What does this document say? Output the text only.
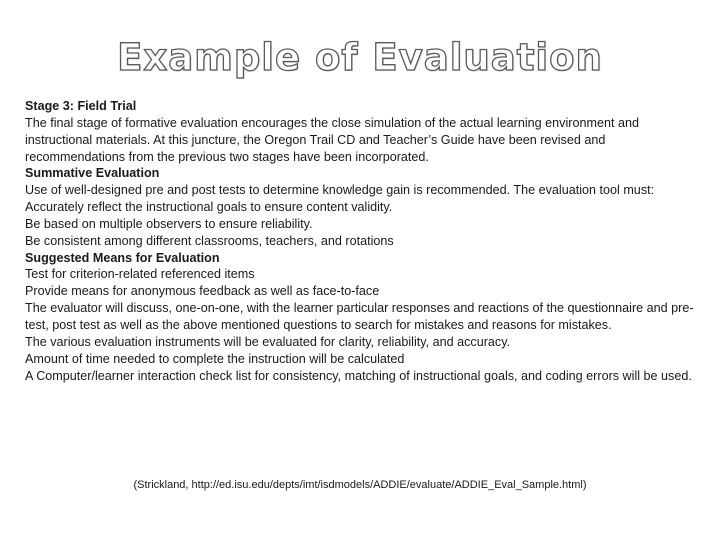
Example of Evaluation
Stage 3: Field Trial
The final stage of formative evaluation encourages the close simulation of the actual learning environment and instructional materials. At this juncture, the Oregon Trail CD and Teacher’s Guide have been revised and recommendations from the previous two stages have been incorporated.
Summative Evaluation
Use of well-designed pre and post tests to determine knowledge gain is recommended. The evaluation tool must:
Accurately reflect the instructional goals to ensure content validity.
Be based on multiple observers to ensure reliability.
Be consistent among different classrooms, teachers, and rotations
Suggested Means for Evaluation
Test for criterion-related referenced items
Provide means for anonymous feedback as well as face-to-face
The evaluator will discuss, one-on-one, with the learner particular responses and reactions of the questionnaire and pre-test, post test as well as the above mentioned questions to search for mistakes and reasons for mistakes.
The various evaluation instruments will be evaluated for clarity, reliability, and accuracy.
Amount of time needed to complete the instruction will be calculated
A Computer/learner interaction check list for consistency, matching of instructional goals, and coding errors will be used.
(Strickland, http://ed.isu.edu/depts/imt/isdmodels/ADDIE/evaluate/ADDIE_Eval_Sample.html)
